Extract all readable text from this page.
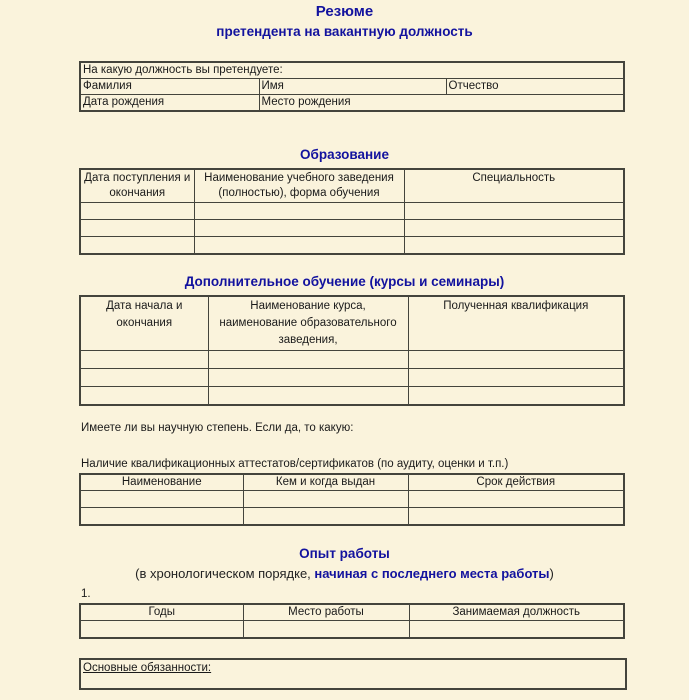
Резюме
претендента на вакантную должность
На какую должность вы претендуете:		
Фамилия	Имя	Отчество
Дата рождения	Место рождения	
Образование
Дата поступления и окончания	Наименование учебного заведения (полностью), форма обучения	Специальность

Дополнительное обучение (курсы и семинары)
Дата начала и окончания	Наименование курса, наименование образовательного заведения,	Полученная квалификация

Имеете ли вы научную степень. Если да, то какую:
Наличие квалификационных аттестатов/сертификатов (по аудиту, оценки и т.п.)
Наименование	Кем и когда выдан	Срок действия

Опыт работы
(в хронологическом порядке, начиная с последнего места работы)
1.
Годы	Место работы	Занимаемая должность

Основные обязанности:
